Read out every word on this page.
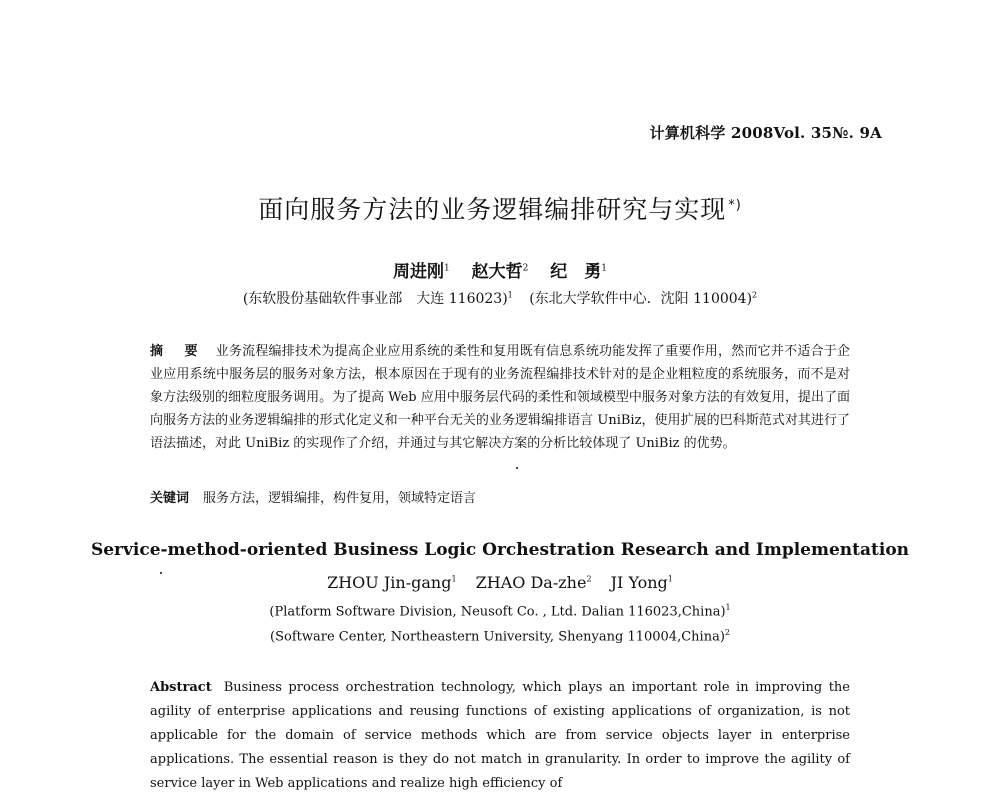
计算机科学 2008Vol. 35№. 9A
面向服务方法的业务逻辑编排研究与实现 *)
周进刚$^1$ 赵大哲$^2$ 纪　勇$^1$
(东软股份基础软件事业部　大连 116023)$^1$ (东北大学软件中心．沈阳 110004)$^2$
摘　要 业务流程编排技术为提高企业应用系统的柔性和复用既有信息系统功能发挥了重要作用，然而它并不适合于企业应用系统中服务层的服务对象方法，根本原因在于现有的业务流程编排技术针对的是企业粗粒度的系统服务，而不是对象方法级别的细粒度服务调用。为了提高 Web 应用中服务层代码的柔性和领域模型中服务对象方法的有效复用，提出了面向服务方法的业务逻辑编排的形式化定义和一种平台无关的业务逻辑编排语言 UniBiz，使用扩展的巴科斯范式对其进行了语法描述，对此 UniBiz 的实现作了介绍，并通过与其它解决方案的分析比较体现了 UniBiz 的优势。
关键词 服务方法，逻辑编排，构件复用，领域特定语言
Service-method-oriented Business Logic Orchestration Research and Implementation
ZHOU Jin-gang$^1$ ZHAO Da-zhe$^2$ JI Yong$^1$
(Platform Software Division, Neusoft Co. , Ltd. Dalian 116023,China)$^1$
(Software Center, Northeastern University, Shenyang 110004,China)$^2$
Abstract Business process orchestration technology, which plays an important role in improving the agility of enterprise applications and reusing functions of existing applications of organization, is not applicable for the domain of service methods which are from service objects layer in enterprise applications. The essential reason is they do not match in granularity. In order to improve the agility of service layer in Web applications and realize high efficiency of
